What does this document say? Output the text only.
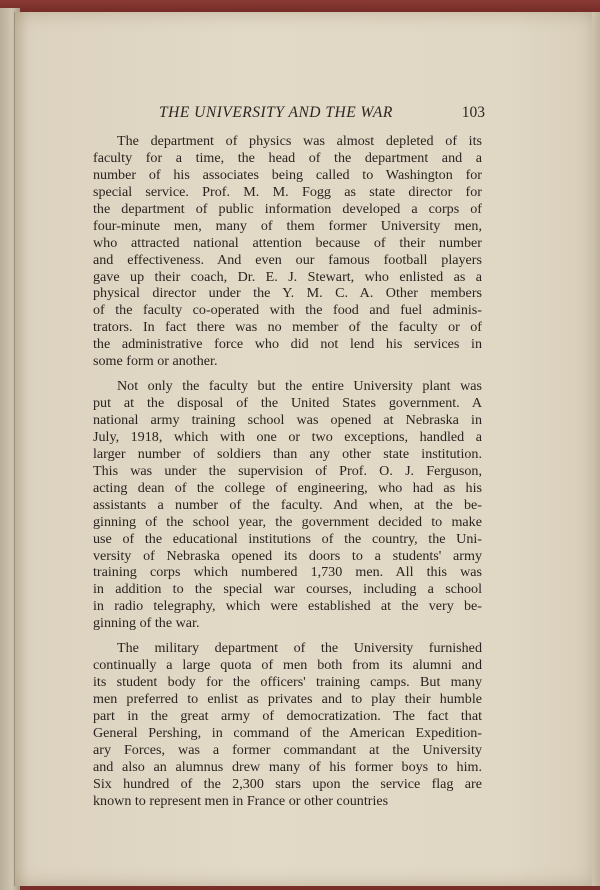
THE UNIVERSITY AND THE WAR	103
The department of physics was almost depleted of its
faculty for a time, the head of the department and a
number of his associates being called to Washington for
special service. Prof. M. M. Fogg as state director for
the department of public information developed a corps of
four-minute men, many of them former University men,
who attracted national attention because of their number
and effectiveness. And even our famous football players
gave up their coach, Dr. E. J. Stewart, who enlisted as a
physical director under the Y. M. C. A. Other members
of the faculty co-operated with the food and fuel adminis-
trators. In fact there was no member of the faculty or of
the administrative force who did not lend his services in
some form or another.
Not only the faculty but the entire University plant was
put at the disposal of the United States government. A
national army training school was opened at Nebraska in
July, 1918, which with one or two exceptions, handled a
larger number of soldiers than any other state institution.
This was under the supervision of Prof. O. J. Ferguson,
acting dean of the college of engineering, who had as his
assistants a number of the faculty. And when, at the be-
ginning of the school year, the government decided to make
use of the educational institutions of the country, the Uni-
versity of Nebraska opened its doors to a students' army
training corps which numbered 1,730 men. All this was
in addition to the special war courses, including a school
in radio telegraphy, which were established at the very be-
ginning of the war.
The military department of the University furnished
continually a large quota of men both from its alumni and
its student body for the officers' training camps. But many
men preferred to enlist as privates and to play their humble
part in the great army of democratization. The fact that
General Pershing, in command of the American Expedition-
ary Forces, was a former commandant at the University
and also an alumnus drew many of his former boys to him.
Six hundred of the 2,300 stars upon the service flag are
known to represent men in France or other countries
